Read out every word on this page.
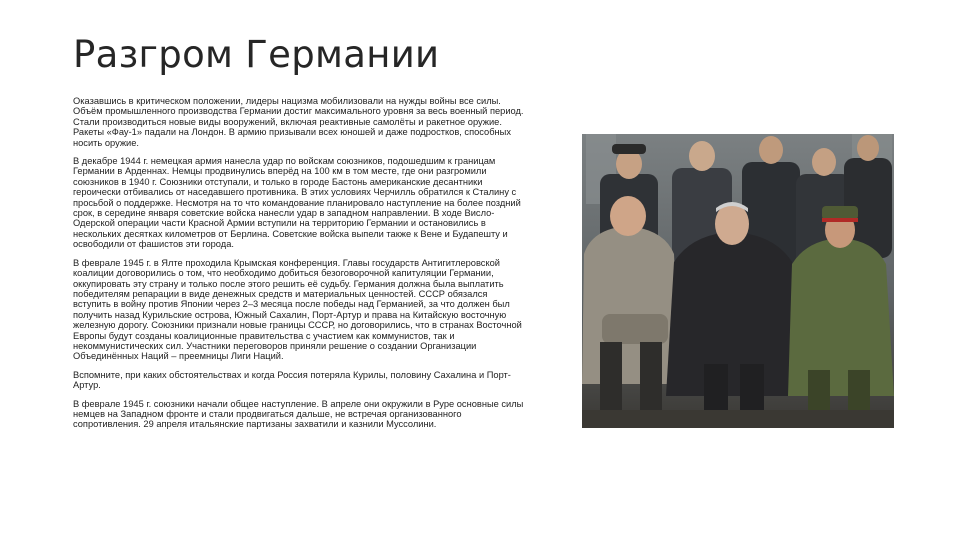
Разгром Германии

Оказавшись в критическом положении, лидеры нацизма мобилизовали на нужды войны все силы. Объём промышленного производства Германии достиг максимального уровня за весь военный период. Стали производиться новые виды вооружений, включая реактивные самолёты и ракетное оружие. Ракеты «Фау-1» падали на Лондон. В армию призывали всех юношей и даже подростков, способных носить оружие.

В декабре 1944 г. немецкая армия нанесла удар по войскам союзников, подошедшим к границам Германии в Арденнах. Немцы продвинулись вперёд на 100 км в том месте, где они разгромили союзников в 1940 г. Союзники отступали, и только в городе Бастонь американские десантники героически отбивались от наседавшего противника. В этих условиях Черчилль обратился к Сталину с просьбой о поддержке. Несмотря на то что командование планировало наступление на более поздний срок, в середине января советские войска нанесли удар в западном направлении. В ходе Висло-Одерской операции части Красной Армии вступили на территорию Германии и остановились в нескольких десятках километров от Берлина. Советские войска выпели также к Вене и Будапешту и освободили от фашистов эти города.

В феврале 1945 г. в Ялте проходила Крымская конференция. Главы государств Антигитлеровской коалиции договорились о том, что необходимо добиться безоговорочной капитуляции Германии, оккупировать эту страну и только после этого решить её судьбу. Германия должна была выплатить победителям репарации в виде денежных средств и материальных ценностей. СССР обязался вступить в войну против Японии через 2–3 месяца после победы над Германией, за что должен был получить назад Курильские острова, Южный Сахалин, Порт-Артур и права на Китайскую восточную железную дорогу. Союзники признали новые границы СССР, но договорились, что в странах Восточной Европы будут созданы коалиционные правительства с участием как коммунистов, так и некоммунистических сил. Участники переговоров приняли решение о создании Организации Объединённых Наций – преемницы Лиги Наций.

Вспомните, при каких обстоятельствах и когда Россия потеряла Курилы, половину Сахалина и Порт-Артур.

В феврале 1945 г. союзники начали общее наступление. В апреле они окружили в Руре основные силы немцев на Западном фронте и стали продвигаться дальше, не встречая организованного сопротивления. 29 апреля итальянские партизаны захватили и казнили Муссолини.
